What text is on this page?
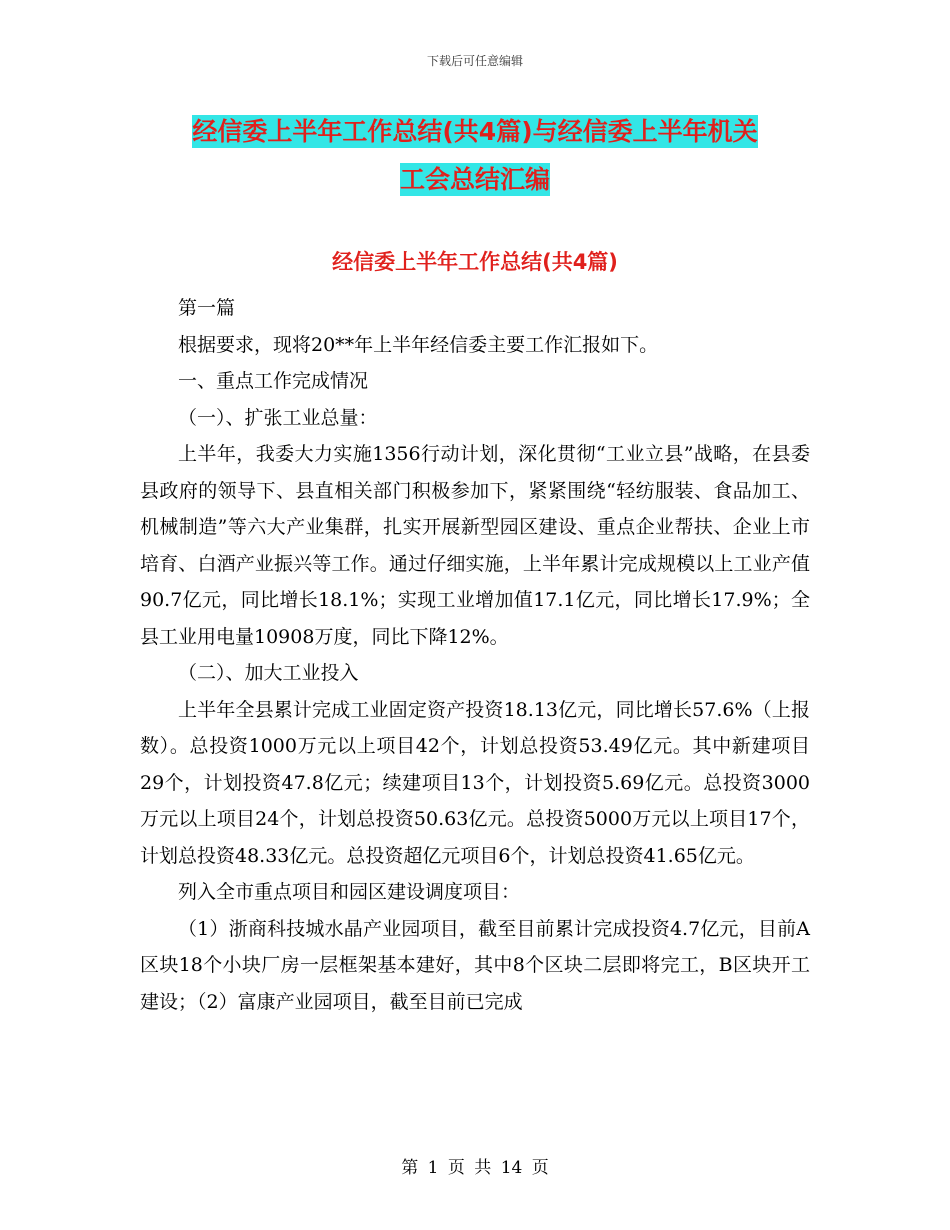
下载后可任意编辑
经信委上半年工作总结(共4篇)与经信委上半年机关
工会总结汇编
经信委上半年工作总结(共4篇)

第一篇

根据要求，现将20**年上半年经信委主要工作汇报如下。

一、重点工作完成情况

（一）、扩张工业总量：

上半年，我委大力实施1356行动计划，深化贯彻“工业立县”战略，在县委县政府的领导下、县直相关部门积极参加下，紧紧围绕“轻纺服装、食品加工、机械制造”等六大产业集群，扎实开展新型园区建设、重点企业帮扶、企业上市培育、白酒产业振兴等工作。通过仔细实施，上半年累计完成规模以上工业产值90.7亿元，同比增长18.1%；实现工业增加值17.1亿元，同比增长17.9%；全县工业用电量10908万度，同比下降12%。

（二）、加大工业投入

上半年全县累计完成工业固定资产投资18.13亿元，同比增长57.6%（上报数）。总投资1000万元以上项目42个，计划总投资53.49亿元。其中新建项目29个，计划投资47.8亿元；续建项目13个，计划投资5.69亿元。总投资3000万元以上项目24个，计划总投资50.63亿元。总投资5000万元以上项目17个，计划总投资48.33亿元。总投资超亿元项目6个，计划总投资41.65亿元。

列入全市重点项目和园区建设调度项目：

（1）浙商科技城水晶产业园项目，截至目前累计完成投资4.7亿元，目前A区块18个小块厂房一层框架基本建好，其中8个区块二层即将完工，B区块开工建设；（2）富康产业园项目，截至目前已完成

第 1 页 共 14 页
